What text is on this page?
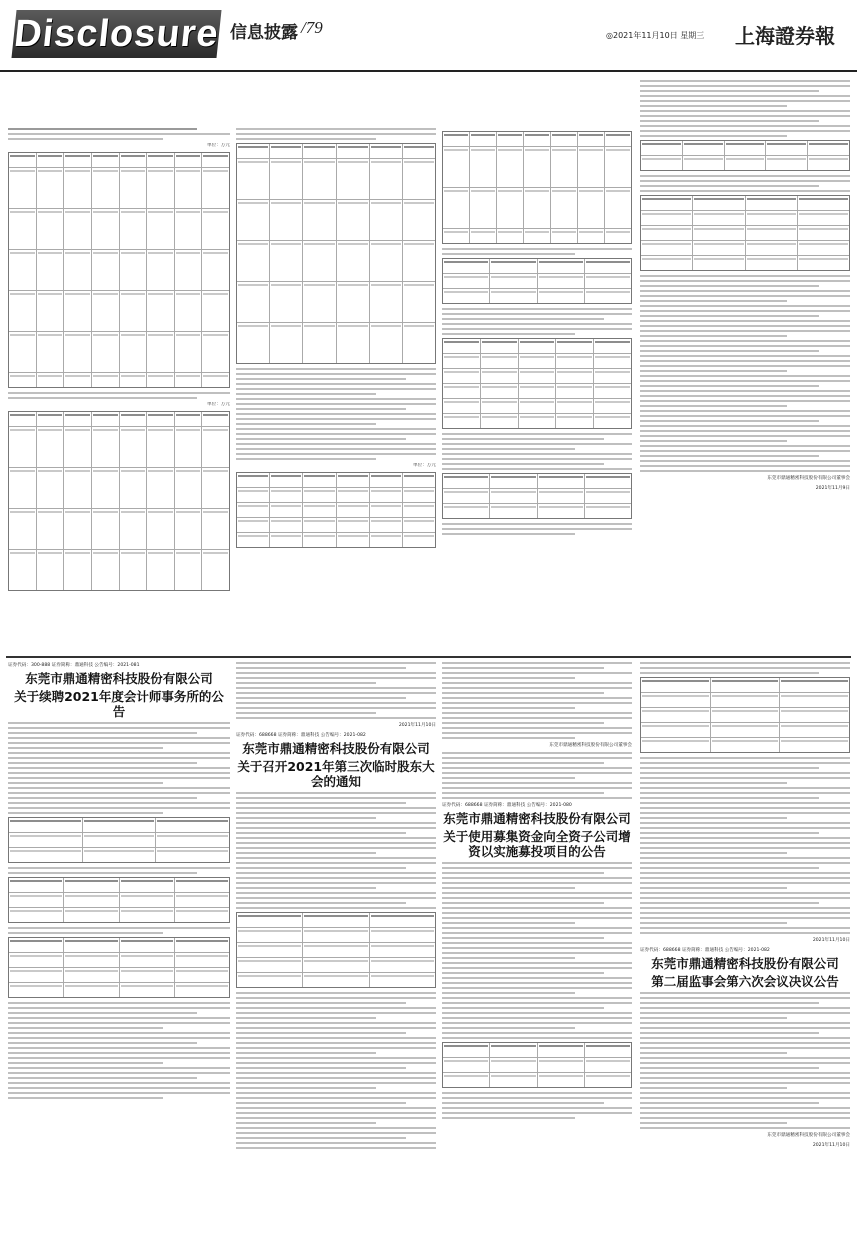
Disclosure 信息披露 /79	◎2021年11月10日 星期三 上海證券報
单位：万元
单位：万元
单位：万元
东莞市鼎通精密科技股份有限公司董事会
2021年11月9日
证券代码：300-888 证券简称：鼎通科技 公告编号：2021-081
东莞市鼎通精密科技股份有限公司
关于续聘2021年度会计师事务所的公告
2021年11月10日
证券代码：688668 证券简称：鼎通科技 公告编号：2021-082
东莞市鼎通精密科技股份有限公司
关于召开2021年第三次临时股东大会的通知
东莞市鼎通精密科技股份有限公司董事会
证券代码：688668 证券简称：鼎通科技 公告编号：2021-080
东莞市鼎通精密科技股份有限公司
关于使用募集资金向全资子公司增资以实施募投项目的公告
2021年11月10日
证券代码：688668 证券简称：鼎通科技 公告编号：2021-082
东莞市鼎通精密科技股份有限公司
第二届监事会第六次会议决议公告
东莞市鼎通精密科技股份有限公司董事会
2021年11月10日
